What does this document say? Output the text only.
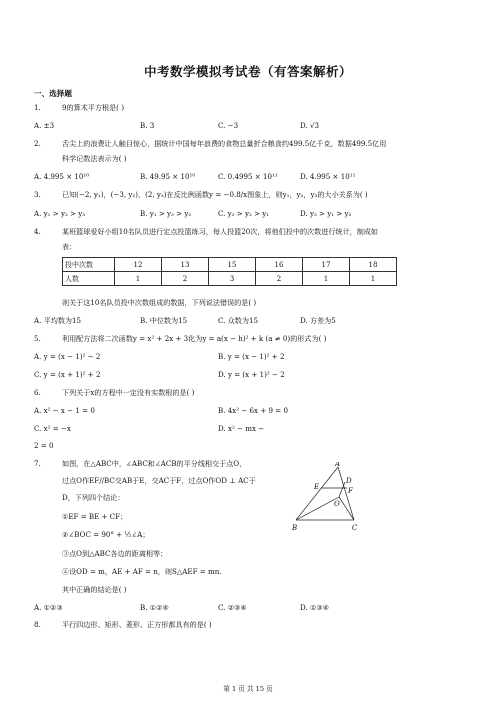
中考数学模拟考试卷（有答案解析）
一、选择题
1.	9的算术平方根是( )
A. ±3	B. 3	C. −3	D. √3
2.	舌尖上的浪费让人触目惊心，据统计中国每年浪费的食物总量折合粮食约499.5亿千克，数据499.5亿用
科学记数法表示为( )
A. 4.995 × 10¹⁰	B. 49.95 × 10¹⁰	C. 0.4995 × 10¹¹	D. 4.995 × 10¹¹
3.	已知(−2, y₁)，(−3, y₂)，(2, y₃)在反比例函数y = −0.8/x图象上，则y₁，y₂，y₃的大小关系为( )
A. y₁ > y₂ > y₃	B. y₁ > y₃ > y₂	C. y₃ > y₂ > y₁	D. y₃ > y₁ > y₂
4.	某班篮球爱好小组10名队员进行定点投篮练习，每人投篮20次，将他们投中的次数进行统计，制成如
表：
投中次数	12	13	15	16	17	18
人数	1	2	3	2	1	1
则关于这10名队员投中次数组成的数据，下列说法错误的是( )
A. 平均数为15	B. 中位数为15	C. 众数为15	D. 方差为5
5.	利用配方法将二次函数y = x² + 2x + 3化为y = a(x − h)² + k (a ≠ 0)的形式为( )
A. y = (x − 1)² − 2	B. y = (x − 1)² + 2
C. y = (x + 1)² + 2	D. y = (x + 1)² − 2
6.	下列关于x的方程中一定没有实数根的是( )
A. x² − x − 1 = 0	B. 4x² − 6x + 9 = 0
C. x² = −x	D. x² − mx −
2 = 0
7.	如图，在△ABC中，∠ABC和∠ACB的平分线相交于点O，
过点O作EF//BC交AB于E，交AC于F，过点O作OD ⊥ AC于
D，下列四个结论：
①EF = BE + CF；
②∠BOC = 90° + ½∠A；
③点O到△ABC各边的距离相等；
④设OD = m，AE + AF = n，则S△AEF = mn.
其中正确的结论是( )
A. ①②③	B. ①②④	C. ②③④	D. ①③④
A
D
E	F
O
B	C
8.	平行四边形、矩形、菱形、正方形都具有的是( )
第 1 页 共 15 页
